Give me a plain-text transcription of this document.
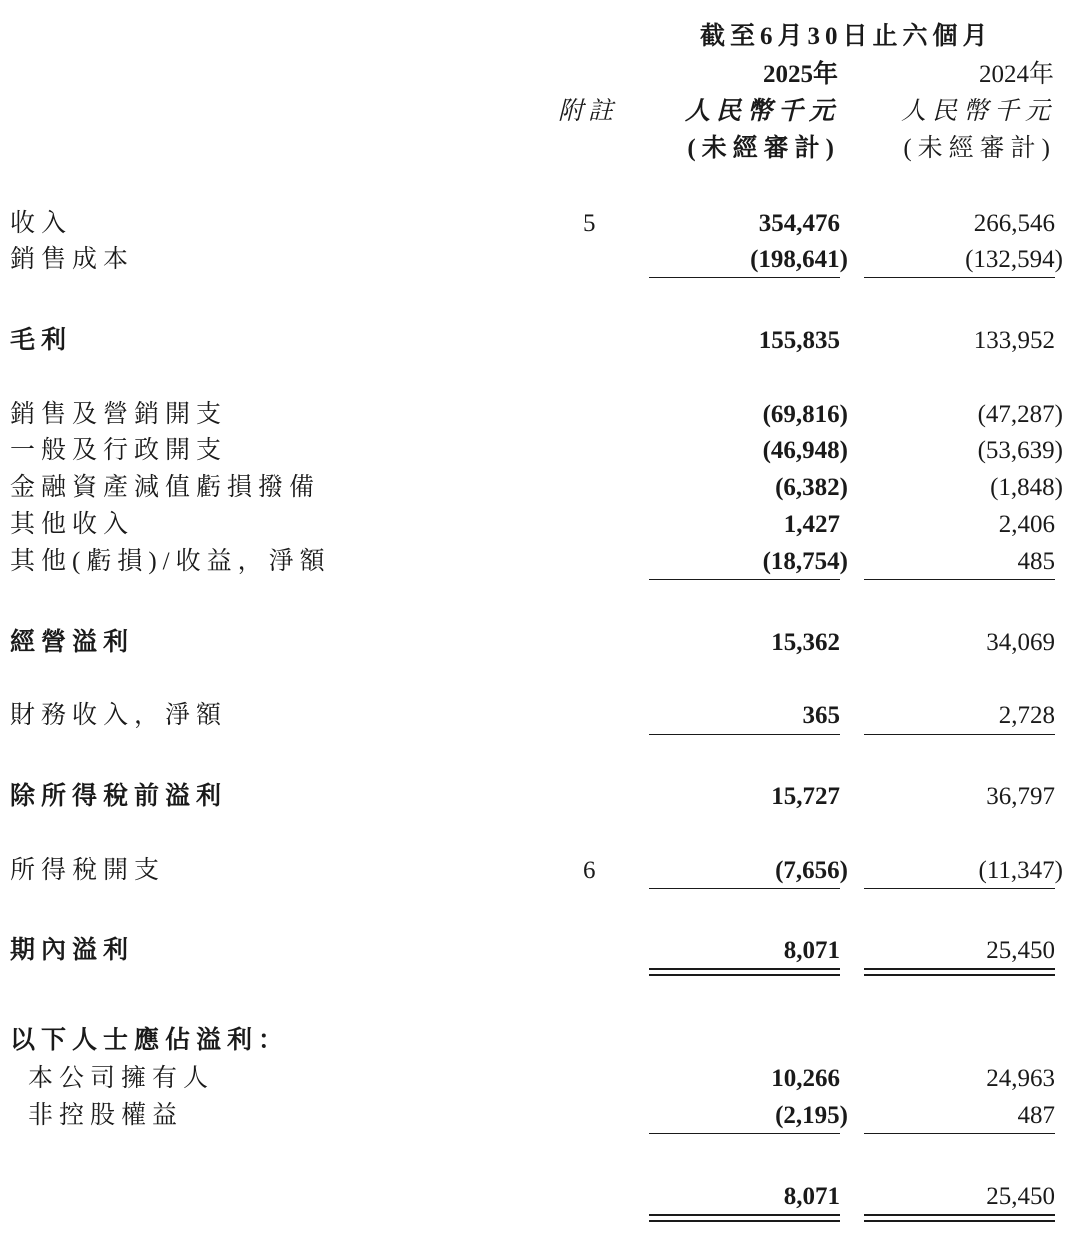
截至6月30日止六個月
2025年	2024年
附註	人民幣千元 人民幣千元
(未經審計)	(未經審計)
收入	5	354,476	266,546
銷售成本	(198,641)	(132,594)
毛利	155,835	133,952
銷售及營銷開支	(69,816)	(47,287)
一般及行政開支	(46,948)	(53,639)
金融資產減值虧損撥備	(6,382)	(1,848)
其他收入	1,427	2,406
其他(虧損)/收益，淨額	(18,754)	485
經營溢利	15,362	34,069
財務收入，淨額	365	2,728
除所得稅前溢利	15,727	36,797
所得稅開支	6	(7,656)	(11,347)
期內溢利	8,071	25,450
以下人士應佔溢利：
本公司擁有人	10,266	24,963
非控股權益	(2,195)	487
8,071	25,450
